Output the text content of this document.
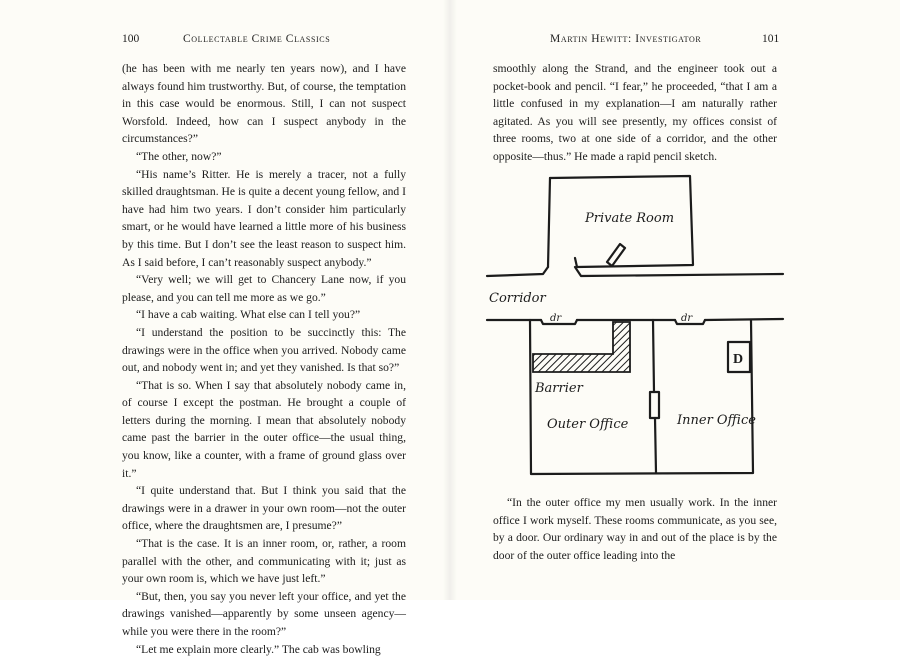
100	Collectable Crime Classics

(he has been with me nearly ten years now), and I have always found him trustworthy. But, of course, the temptation in this case would be enormous. Still, I can not suspect Worsfold. Indeed, how can I suspect anybody in the circumstances?”

“The other, now?”

“His name’s Ritter. He is merely a tracer, not a fully skilled draughtsman. He is quite a decent young fellow, and I have had him two years. I don’t consider him particularly smart, or he would have learned a little more of his business by this time. But I don’t see the least reason to suspect him. As I said before, I can’t reasonably suspect anybody.”

“Very well; we will get to Chancery Lane now, if you please, and you can tell me more as we go.”

“I have a cab waiting. What else can I tell you?”

“I understand the position to be succinctly this: The drawings were in the office when you arrived. Nobody came out, and nobody went in; and yet they vanished. Is that so?”

“That is so. When I say that absolutely nobody came in, of course I except the postman. He brought a couple of letters during the morning. I mean that absolutely nobody came past the barrier in the outer office—the usual thing, you know, like a counter, with a frame of ground glass over it.”

“I quite understand that. But I think you said that the drawings were in a drawer in your own room—not the outer office, where the draughtsmen are, I presume?”

“That is the case. It is an inner room, or, rather, a room parallel with the other, and communicating with it; just as your own room is, which we have just left.”

“But, then, you say you never left your office, and yet the drawings vanished—apparently by some unseen agency—while you were there in the room?”

“Let me explain more clearly.” The cab was bowling

Martin Hewitt: Investigator	101

smoothly along the Strand, and the engineer took out a pocket-book and pencil. “I fear,” he proceeded, “that I am a little confused in my explanation—I am naturally rather agitated. As you will see presently, my offices consist of three rooms, two at one side of a corridor, and the other opposite—thus.” He made a rapid pencil sketch.

Private Room
Corridor
dr	dr
Barrier
Outer Office	Inner Office
D

“In the outer office my men usually work. In the inner office I work myself. These rooms communicate, as you see, by a door. Our ordinary way in and out of the place is by the door of the outer office leading into the
